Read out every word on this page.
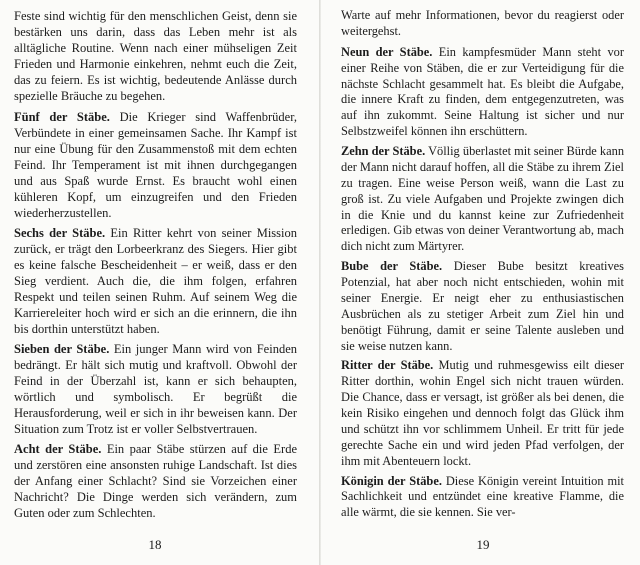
Feste sind wichtig für den menschlichen Geist, denn sie bestärken uns darin, dass das Leben mehr ist als alltägliche Routine. Wenn nach einer mühseligen Zeit Frieden und Harmonie einkehren, nehmt euch die Zeit, das zu feiern. Es ist wichtig, bedeutende Anlässe durch spezielle Bräuche zu begehen.

Fünf der Stäbe. Die Krieger sind Waffenbrüder, Verbündete in einer gemeinsamen Sache. Ihr Kampf ist nur eine Übung für den Zusammenstoß mit dem echten Feind. Ihr Temperament ist mit ihnen durchgegangen und aus Spaß wurde Ernst. Es braucht wohl einen kühleren Kopf, um einzugreifen und den Frieden wiederherzustellen.

Sechs der Stäbe. Ein Ritter kehrt von seiner Mission zurück, er trägt den Lorbeerkranz des Siegers. Hier gibt es keine falsche Bescheidenheit – er weiß, dass er den Sieg verdient. Auch die, die ihm folgen, erfahren Respekt und teilen seinen Ruhm. Auf seinem Weg die Karriereleiter hoch wird er sich an die erinnern, die ihn bis dorthin unterstützt haben.

Sieben der Stäbe. Ein junger Mann wird von Feinden bedrängt. Er hält sich mutig und kraftvoll. Obwohl der Feind in der Überzahl ist, kann er sich behaupten, wörtlich und symbolisch. Er begrüßt die Herausforderung, weil er sich in ihr beweisen kann. Der Situation zum Trotz ist er voller Selbstvertrauen.

Acht der Stäbe. Ein paar Stäbe stürzen auf die Erde und zerstören eine ansonsten ruhige Landschaft. Ist dies der Anfang einer Schlacht? Sind sie Vorzeichen einer Nachricht? Die Dinge werden sich verändern, zum Guten oder zum Schlechten.

18

Warte auf mehr Informationen, bevor du reagierst oder weitergehst.

Neun der Stäbe. Ein kampfesmüder Mann steht vor einer Reihe von Stäben, die er zur Verteidigung für die nächste Schlacht gesammelt hat. Es bleibt die Aufgabe, die innere Kraft zu finden, dem entgegenzutreten, was auf ihn zukommt. Seine Haltung ist sicher und nur Selbstzweifel können ihn erschüttern.

Zehn der Stäbe. Völlig überlastet mit seiner Bürde kann der Mann nicht darauf hoffen, all die Stäbe zu ihrem Ziel zu tragen. Eine weise Person weiß, wann die Last zu groß ist. Zu viele Aufgaben und Projekte zwingen dich in die Knie und du kannst keine zur Zufriedenheit erledigen. Gib etwas von deiner Verantwortung ab, mach dich nicht zum Märtyrer.

Bube der Stäbe. Dieser Bube besitzt kreatives Potenzial, hat aber noch nicht entschieden, wohin mit seiner Energie. Er neigt eher zu enthusiastischen Ausbrüchen als zu stetiger Arbeit zum Ziel hin und benötigt Führung, damit er seine Talente ausleben und sie weise nutzen kann.

Ritter der Stäbe. Mutig und ruhmesgewiss eilt dieser Ritter dorthin, wohin Engel sich nicht trauen würden. Die Chance, dass er versagt, ist größer als bei denen, die kein Risiko eingehen und dennoch folgt das Glück ihm und schützt ihn vor schlimmem Unheil. Er tritt für jede gerechte Sache ein und wird jeden Pfad verfolgen, der ihm mit Abenteuern lockt.

Königin der Stäbe. Diese Königin vereint Intuition mit Sachlichkeit und entzündet eine kreative Flamme, die alle wärmt, die sie kennen. Sie ver-

19
